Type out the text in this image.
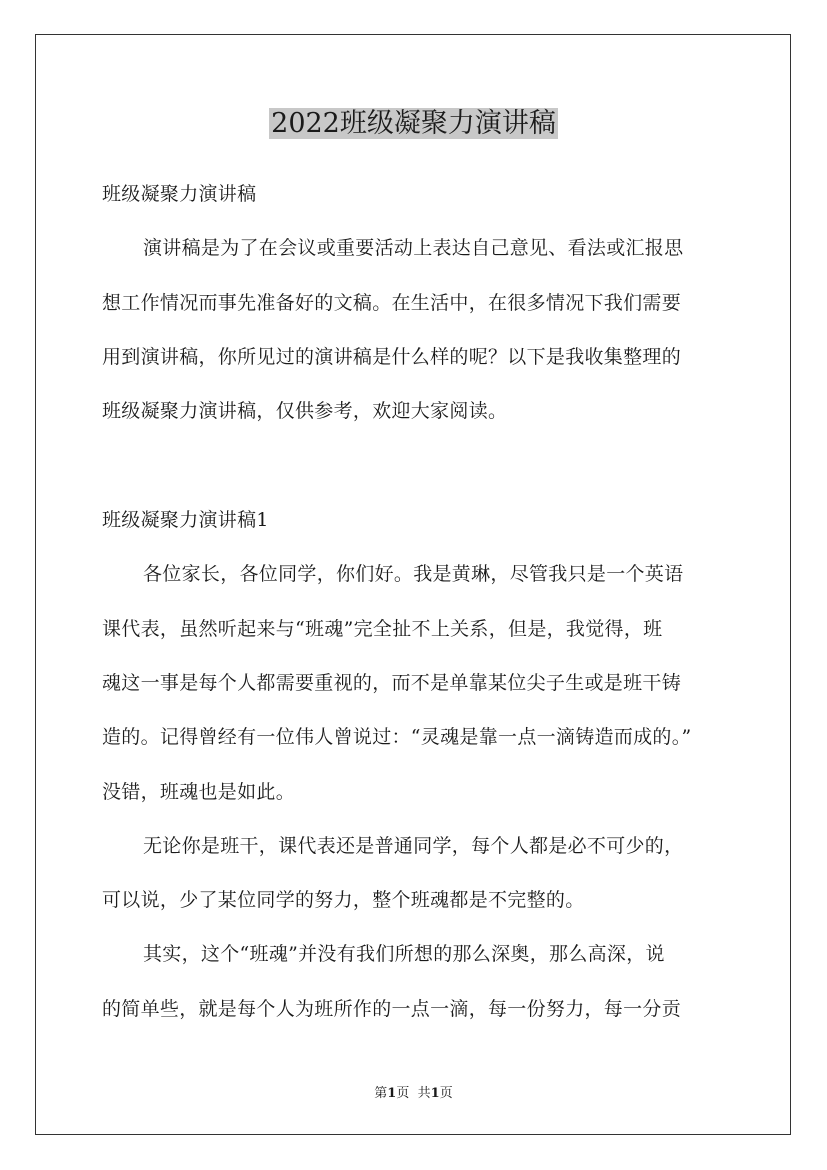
2022班级凝聚力演讲稿
班级凝聚力演讲稿
演讲稿是为了在会议或重要活动上表达自己意见、看法或汇报思
想工作情况而事先准备好的文稿。在生活中，在很多情况下我们需要
用到演讲稿，你所见过的演讲稿是什么样的呢？以下是我收集整理的
班级凝聚力演讲稿，仅供参考，欢迎大家阅读。
班级凝聚力演讲稿1
各位家长，各位同学，你们好。我是黄琳，尽管我只是一个英语
课代表，虽然听起来与“班魂”完全扯不上关系，但是，我觉得，班
魂这一事是每个人都需要重视的，而不是单靠某位尖子生或是班干铸
造的。记得曾经有一位伟人曾说过：“灵魂是靠一点一滴铸造而成的。”
没错，班魂也是如此。
无论你是班干，课代表还是普通同学，每个人都是必不可少的，
可以说，少了某位同学的努力，整个班魂都是不完整的。
其实，这个“班魂”并没有我们所想的那么深奥，那么高深，说
的简单些，就是每个人为班所作的一点一滴，每一份努力，每一分贡
第1页 共1页
